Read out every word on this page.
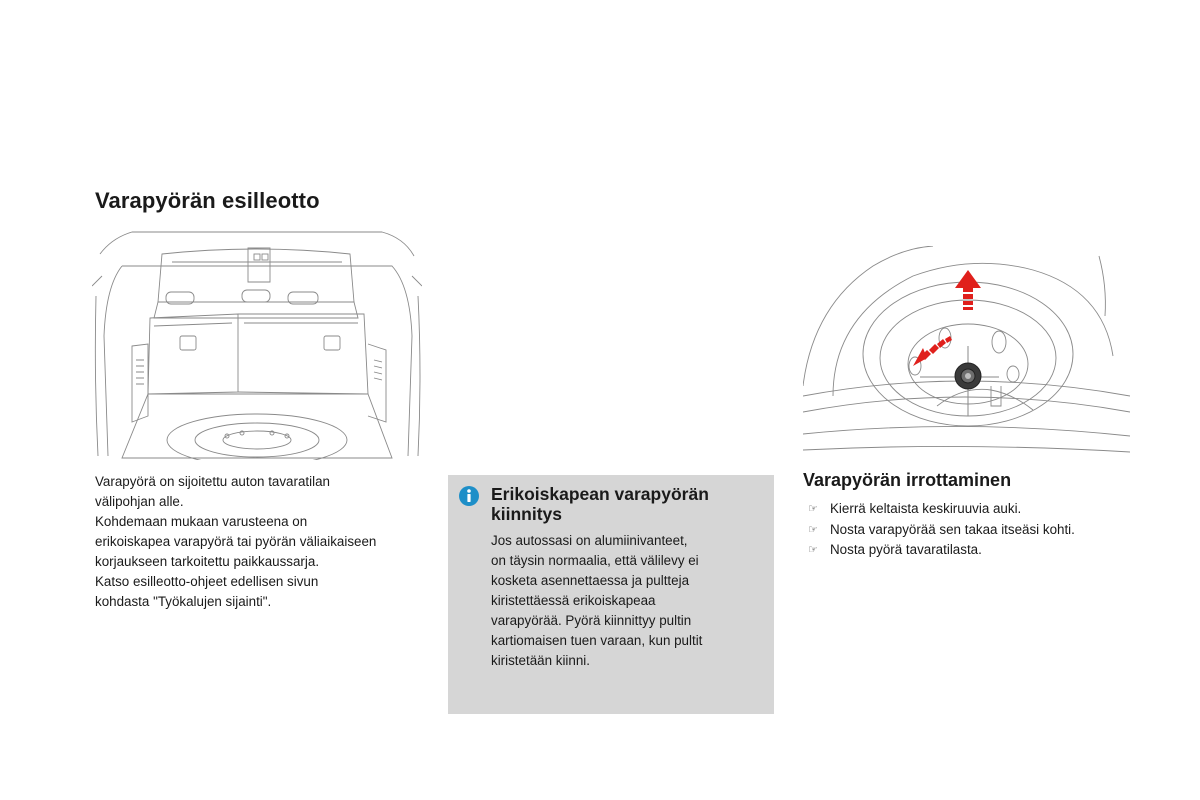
Varapyörän esilleotto
Varapyörä on sijoitettu auton tavaratilan
välipohjan alle.
Kohdemaan mukaan varusteena on
erikoiskapea varapyörä tai pyörän väliaikaiseen
korjaukseen tarkoitettu paikkaussarja.
Katso esilleotto-ohjeet edellisen sivun
kohdasta "Työkalujen sijainti".
Erikoiskapean varapyörän kiinnitys
Jos autossasi on alumiinivanteet,
on täysin normaalia, että välilevy ei
kosketa asennettaessa ja pultteja
kiristettäessä erikoiskapeaa
varapyörää. Pyörä kiinnittyy pultin
kartiomaisen tuen varaan, kun pultit
kiristetään kiinni.
Varapyörän irrottaminen
☞ Kierrä keltaista keskiruuvia auki.
☞ Nosta varapyörää sen takaa itseäsi kohti.
☞ Nosta pyörä tavaratilasta.
